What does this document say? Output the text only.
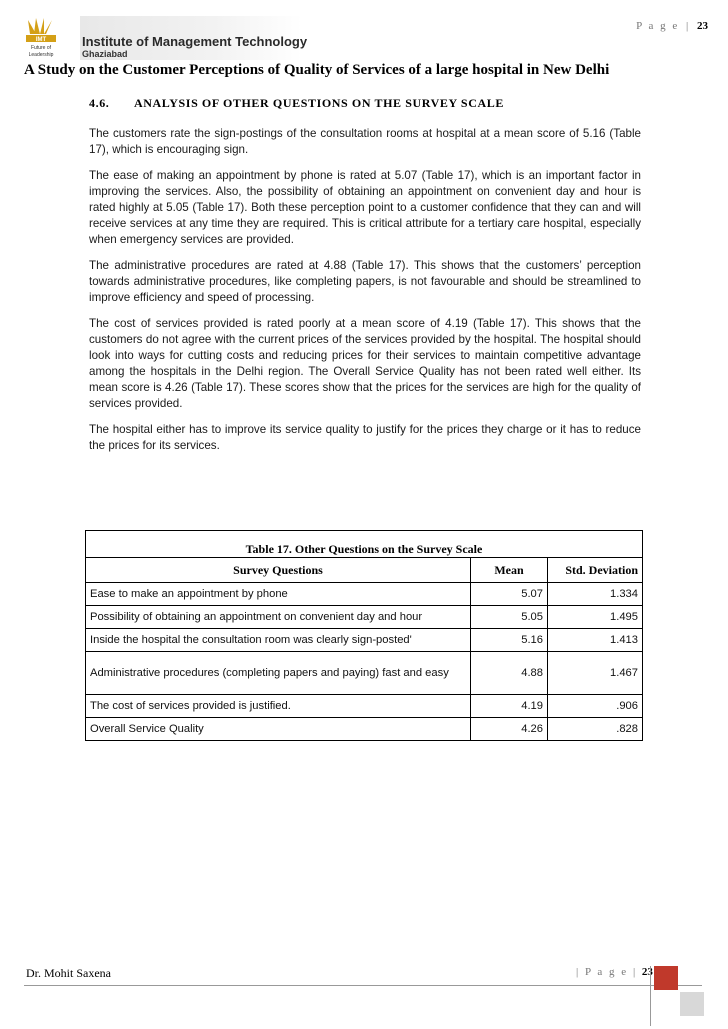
P a g e | 23
IMT
Future of
Leadership
Institute of Management Technology
Ghaziabad
A Study on the Customer Perceptions of Quality of Services of a large hospital in New Delhi
4.6. ANALYSIS OF OTHER QUESTIONS ON THE SURVEY SCALE

The customers rate the sign-postings of the consultation rooms at hospital at a mean score of 5.16 (Table 17), which is encouraging sign.

The ease of making an appointment by phone is rated at 5.07 (Table 17), which is an important factor in improving the services. Also, the possibility of obtaining an appointment on convenient day and hour is rated highly at 5.05 (Table 17). Both these perception point to a customer confidence that they can and will receive services at any time they are required. This is critical attribute for a tertiary care hospital, especially when emergency services are provided.

The administrative procedures are rated at 4.88 (Table 17). This shows that the customers’ perception towards administrative procedures, like completing papers, is not favourable and should be streamlined to improve efficiency and speed of processing.

The cost of services provided is rated poorly at a mean score of 4.19 (Table 17). This shows that the customers do not agree with the current prices of the services provided by the hospital. The hospital should look into ways for cutting costs and reducing prices for their services to maintain competitive advantage among the hospitals in the Delhi region. The Overall Service Quality has not been rated well either. Its mean score is 4.26 (Table 17). These scores show that the prices for the services are high for the quality of services provided.

The hospital either has to improve its service quality to justify for the prices they charge or it has to reduce the prices for its services.

Table 17. Other Questions on the Survey Scale		
Survey Questions	Mean	Std. Deviation
Ease to make an appointment by phone	5.07	1.334
Possibility of obtaining an appointment on convenient day and hour	5.05	1.495
Inside the hospital the consultation room was clearly sign-posted'	5.16	1.413
Administrative procedures (completing papers and paying) fast and easy	4.88	1.467
The cost of services provided is justified.	4.19	.906
Overall Service Quality	4.26	.828
Dr. Mohit Saxena	| P a g e | 23
